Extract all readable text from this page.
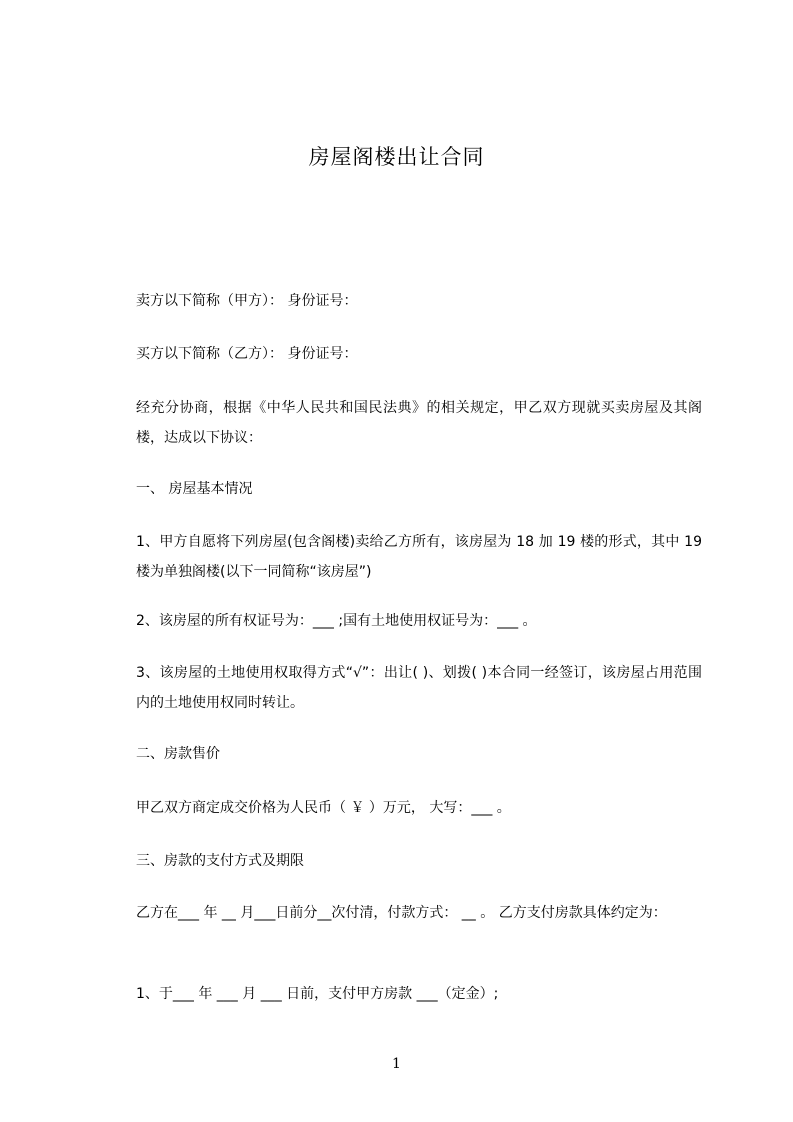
房屋阁楼出让合同
卖方以下简称（甲方）： 身份证号：
买方以下简称（乙方）： 身份证号：
经充分协商，根据《中华人民共和国民法典》的相关规定，甲乙双方现就买卖房屋及其阁楼，达成以下协议：
一、 房屋基本情况
1、甲方自愿将下列房屋(包含阁楼)卖给乙方所有，该房屋为 18 加 19 楼的形式，其中 19 楼为单独阁楼(以下一同简称“该房屋”)
2、该房屋的所有权证号为：___ ;国有土地使用权证号为：___ 。
3、该房屋的土地使用权取得方式“√”：出让( )、划拨( )本合同一经签订，该房屋占用范围内的土地使用权同时转让。
二、房款售价
甲乙双方商定成交价格为人民币（ ￥ ）万元， 大写：___ 。
三、房款的支付方式及期限
乙方在___ 年 __ 月___日前分__次付清，付款方式： __ 。 乙方支付房款具体约定为：
1、于___ 年 ___ 月 ___ 日前，支付甲方房款 ___（定金）;
1
